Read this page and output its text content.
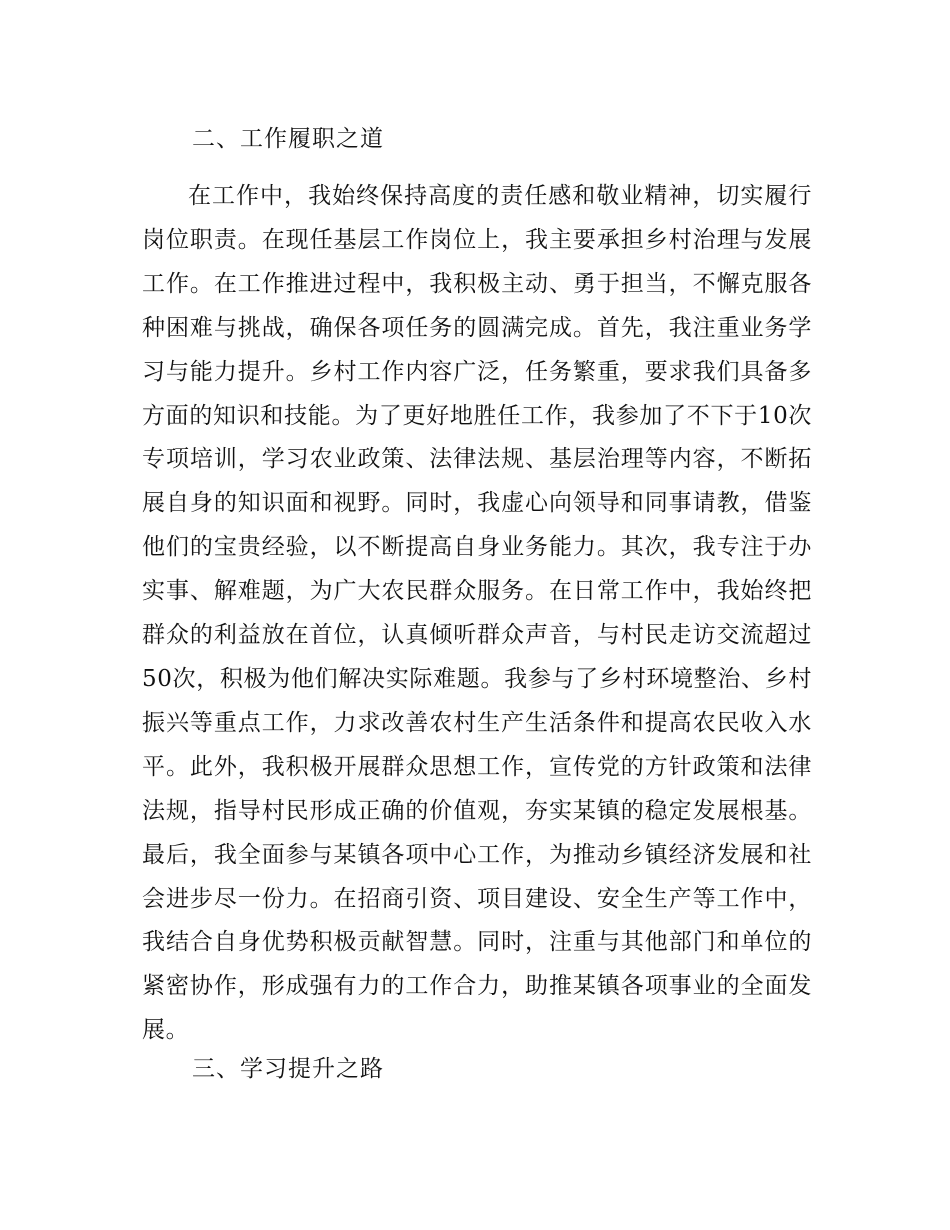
二、工作履职之道

在工作中，我始终保持高度的责任感和敬业精神，切实履行岗位职责。在现任基层工作岗位上，我主要承担乡村治理与发展工作。在工作推进过程中，我积极主动、勇于担当，不懈克服各种困难与挑战，确保各项任务的圆满完成。首先，我注重业务学习与能力提升。乡村工作内容广泛，任务繁重，要求我们具备多方面的知识和技能。为了更好地胜任工作，我参加了不下于10次专项培训，学习农业政策、法律法规、基层治理等内容，不断拓展自身的知识面和视野。同时，我虚心向领导和同事请教，借鉴他们的宝贵经验，以不断提高自身业务能力。其次，我专注于办实事、解难题，为广大农民群众服务。在日常工作中，我始终把群众的利益放在首位，认真倾听群众声音，与村民走访交流超过50次，积极为他们解决实际难题。我参与了乡村环境整治、乡村振兴等重点工作，力求改善农村生产生活条件和提高农民收入水平。此外，我积极开展群众思想工作，宣传党的方针政策和法律法规，指导村民形成正确的价值观，夯实某镇的稳定发展根基。最后，我全面参与某镇各项中心工作，为推动乡镇经济发展和社会进步尽一份力。在招商引资、项目建设、安全生产等工作中，我结合自身优势积极贡献智慧。同时，注重与其他部门和单位的紧密协作，形成强有力的工作合力，助推某镇各项事业的全面发展。

三、学习提升之路
